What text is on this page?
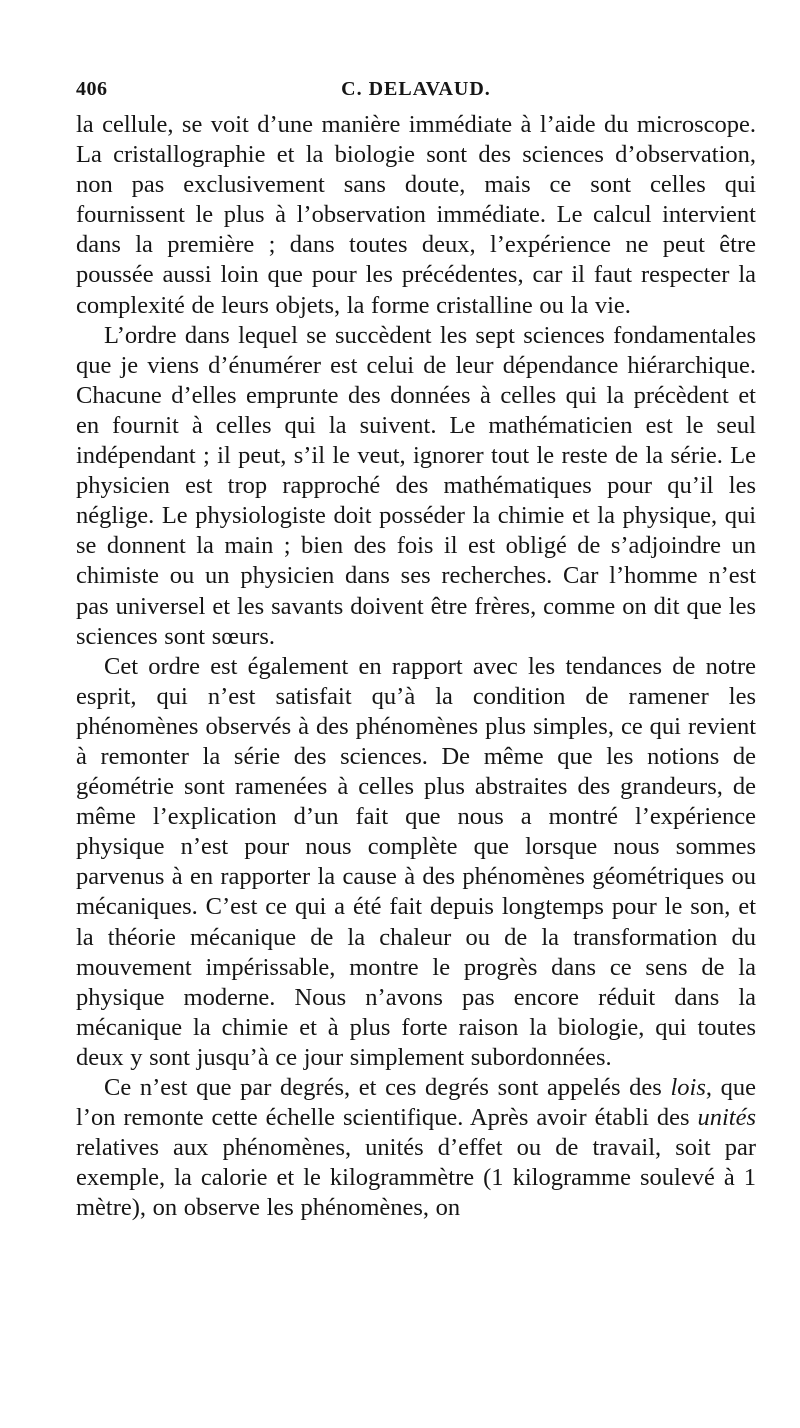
406	C. DELAVAUD.

la cellule, se voit d’une manière immédiate à l’aide du microscope. La cristallographie et la biologie sont des sciences d’observation, non pas exclusivement sans doute, mais ce sont celles qui fournissent le plus à l’observation immédiate. Le calcul intervient dans la première ; dans toutes deux, l’expérience ne peut être poussée aussi loin que pour les précédentes, car il faut respecter la complexité de leurs objets, la forme cristalline ou la vie.

L’ordre dans lequel se succèdent les sept sciences fondamentales que je viens d’énumérer est celui de leur dépendance hiérarchique. Chacune d’elles emprunte des données à celles qui la précèdent et en fournit à celles qui la suivent. Le mathématicien est le seul indépendant ; il peut, s’il le veut, ignorer tout le reste de la série. Le physicien est trop rapproché des mathématiques pour qu’il les néglige. Le physiologiste doit posséder la chimie et la physique, qui se donnent la main ; bien des fois il est obligé de s’adjoindre un chimiste ou un physicien dans ses recherches. Car l’homme n’est pas universel et les savants doivent être frères, comme on dit que les sciences sont sœurs.

Cet ordre est également en rapport avec les tendances de notre esprit, qui n’est satisfait qu’à la condition de ramener les phénomènes observés à des phénomènes plus simples, ce qui revient à remonter la série des sciences. De même que les notions de géométrie sont ramenées à celles plus abstraites des grandeurs, de même l’explication d’un fait que nous a montré l’expérience physique n’est pour nous complète que lorsque nous sommes parvenus à en rapporter la cause à des phénomènes géométriques ou mécaniques. C’est ce qui a été fait depuis longtemps pour le son, et la théorie mécanique de la chaleur ou de la transformation du mouvement impérissable, montre le progrès dans ce sens de la physique moderne. Nous n’avons pas encore réduit dans la mécanique la chimie et à plus forte raison la biologie, qui toutes deux y sont jusqu’à ce jour simplement subordonnées.

Ce n’est que par degrés, et ces degrés sont appelés des lois, que l’on remonte cette échelle scientifique. Après avoir établi des unités relatives aux phénomènes, unités d’effet ou de travail, soit par exemple, la calorie et le kilogrammètre (1 kilogramme soulevé à 1 mètre), on observe les phénomènes, on
